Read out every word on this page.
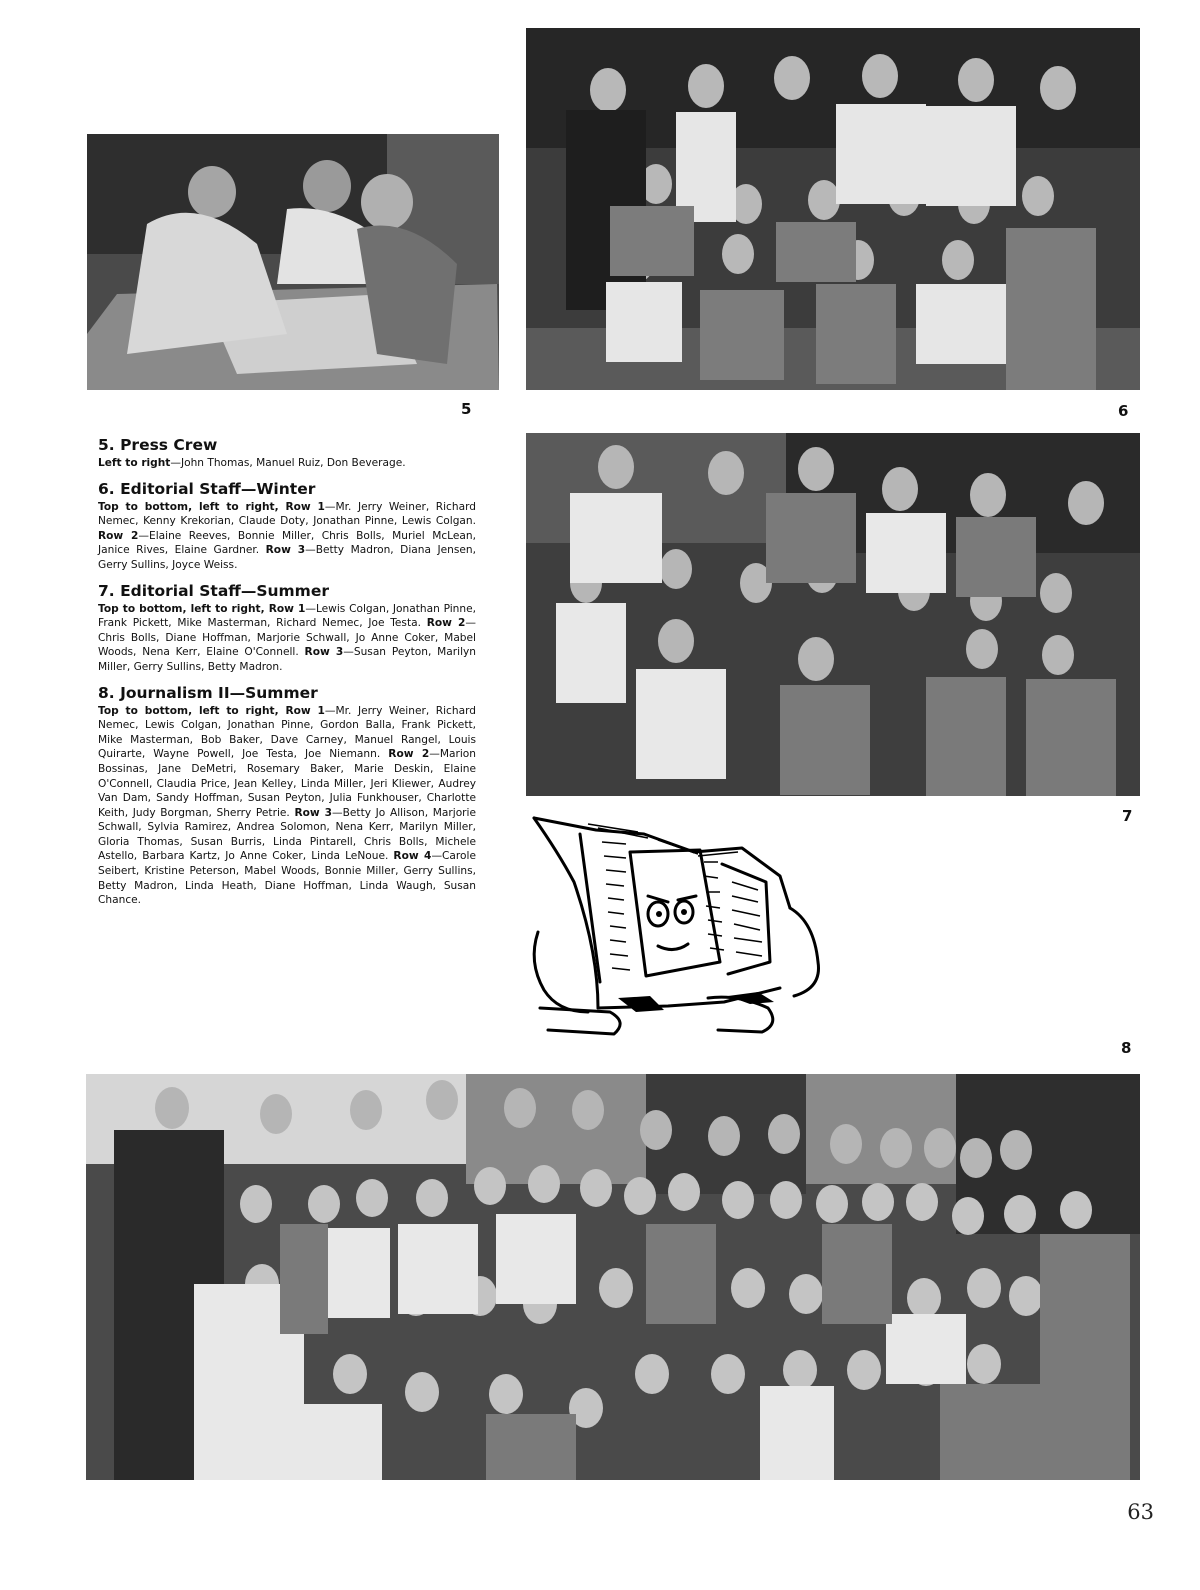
5	6
5. Press Crew

Left to right—John Thomas, Manuel Ruiz, Don Beverage.

6. Editorial Staff—Winter

Top to bottom, left to right, Row 1—Mr. Jerry Weiner, Richard Nemec, Kenny Krekorian, Claude Doty, Jonathan Pinne, Lewis Colgan. Row 2—Elaine Reeves, Bonnie Miller, Chris Bolls, Muriel McLean, Janice Rives, Elaine Gardner. Row 3—Betty Madron, Diana Jensen, Gerry Sullins, Joyce Weiss.

7. Editorial Staff—Summer

Top to bottom, left to right, Row 1—Lewis Colgan, Jonathan Pinne, Frank Pickett, Mike Masterman, Richard Nemec, Joe Testa. Row 2—Chris Bolls, Diane Hoffman, Marjorie Schwall, Jo Anne Coker, Mabel Woods, Nena Kerr, Elaine O'Connell. Row 3—Susan Peyton, Marilyn Miller, Gerry Sullins, Betty Madron.

8. Journalism II—Summer

Top to bottom, left to right, Row 1—Mr. Jerry Weiner, Richard Nemec, Lewis Colgan, Jonathan Pinne, Gordon Balla, Frank Pickett, Mike Masterman, Bob Baker, Dave Carney, Manuel Rangel, Louis Quirarte, Wayne Powell, Joe Testa, Joe Niemann. Row 2—Marion Bossinas, Jane DeMetri, Rosemary Baker, Marie Deskin, Elaine O'Connell, Claudia Price, Jean Kelley, Linda Miller, Jeri Kliewer, Audrey Van Dam, Sandy Hoffman, Susan Peyton, Julia Funkhouser, Charlotte Keith, Judy Borgman, Sherry Petrie. Row 3—Betty Jo Allison, Marjorie Schwall, Sylvia Ramirez, Andrea Solomon, Nena Kerr, Marilyn Miller, Gloria Thomas, Susan Burris, Linda Pintarell, Chris Bolls, Michele Astello, Barbara Kartz, Jo Anne Coker, Linda LeNoue. Row 4—Carole Seibert, Kristine Peterson, Mabel Woods, Bonnie Miller, Gerry Sullins, Betty Madron, Linda Heath, Diane Hoffman, Linda Waugh, Susan Chance.

7
8
63
